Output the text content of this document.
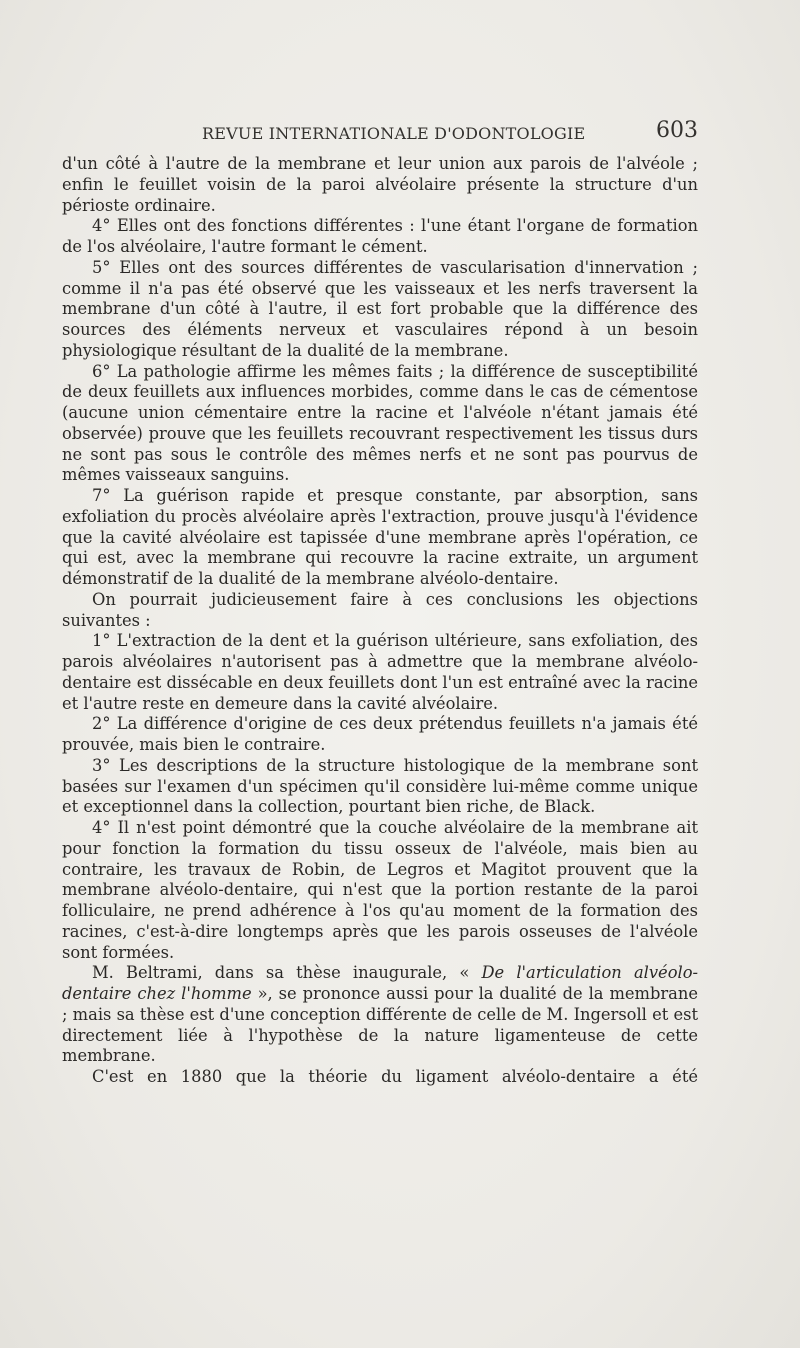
REVUE INTERNATIONALE D'ODONTOLOGIE	603

d'un côté à l'autre de la membrane et leur union aux parois de l'alvéole ; enfin le feuillet voisin de la paroi alvéolaire présente la structure d'un périoste ordinaire.

4° Elles ont des fonctions différentes : l'une étant l'organe de formation de l'os alvéolaire, l'autre formant le cément.

5° Elles ont des sources différentes de vascularisation d'innervation ; comme il n'a pas été observé que les vaisseaux et les nerfs traversent la membrane d'un côté à l'autre, il est fort probable que la différence des sources des éléments nerveux et vasculaires répond à un besoin physiologique résultant de la dualité de la membrane.

6° La pathologie affirme les mêmes faits ; la différence de susceptibilité de deux feuillets aux influences morbides, comme dans le cas de cémentose (aucune union cémentaire entre la racine et l'alvéole n'étant jamais été observée) prouve que les feuillets recouvrant respectivement les tissus durs ne sont pas sous le contrôle des mêmes nerfs et ne sont pas pourvus de mêmes vaisseaux sanguins.

7° La guérison rapide et presque constante, par absorption, sans exfoliation du procès alvéolaire après l'extraction, prouve jusqu'à l'évidence que la cavité alvéolaire est tapissée d'une membrane après l'opération, ce qui est, avec la membrane qui recouvre la racine extraite, un argument démonstratif de la dualité de la membrane alvéolo-dentaire.

On pourrait judicieusement faire à ces conclusions les objections suivantes :

1° L'extraction de la dent et la guérison ultérieure, sans exfoliation, des parois alvéolaires n'autorisent pas à admettre que la membrane alvéolo-dentaire est dissécable en deux feuillets dont l'un est entraîné avec la racine et l'autre reste en demeure dans la cavité alvéolaire.

2° La différence d'origine de ces deux prétendus feuillets n'a jamais été prouvée, mais bien le contraire.

3° Les descriptions de la structure histologique de la membrane sont basées sur l'examen d'un spécimen qu'il considère lui-même comme unique et exceptionnel dans la collection, pourtant bien riche, de Black.

4° Il n'est point démontré que la couche alvéolaire de la membrane ait pour fonction la formation du tissu osseux de l'alvéole, mais bien au contraire, les travaux de Robin, de Legros et Magitot prouvent que la membrane alvéolo-dentaire, qui n'est que la portion restante de la paroi folliculaire, ne prend adhérence à l'os qu'au moment de la formation des racines, c'est-à-dire longtemps après que les parois osseuses de l'alvéole sont formées.

M. Beltrami, dans sa thèse inaugurale, « De l'articulation alvéolo-dentaire chez l'homme », se prononce aussi pour la dualité de la membrane ; mais sa thèse est d'une conception différente de celle de M. Ingersoll et est directement liée à l'hypothèse de la nature ligamenteuse de cette membrane.

C'est en 1880 que la théorie du ligament alvéolo-dentaire a été
